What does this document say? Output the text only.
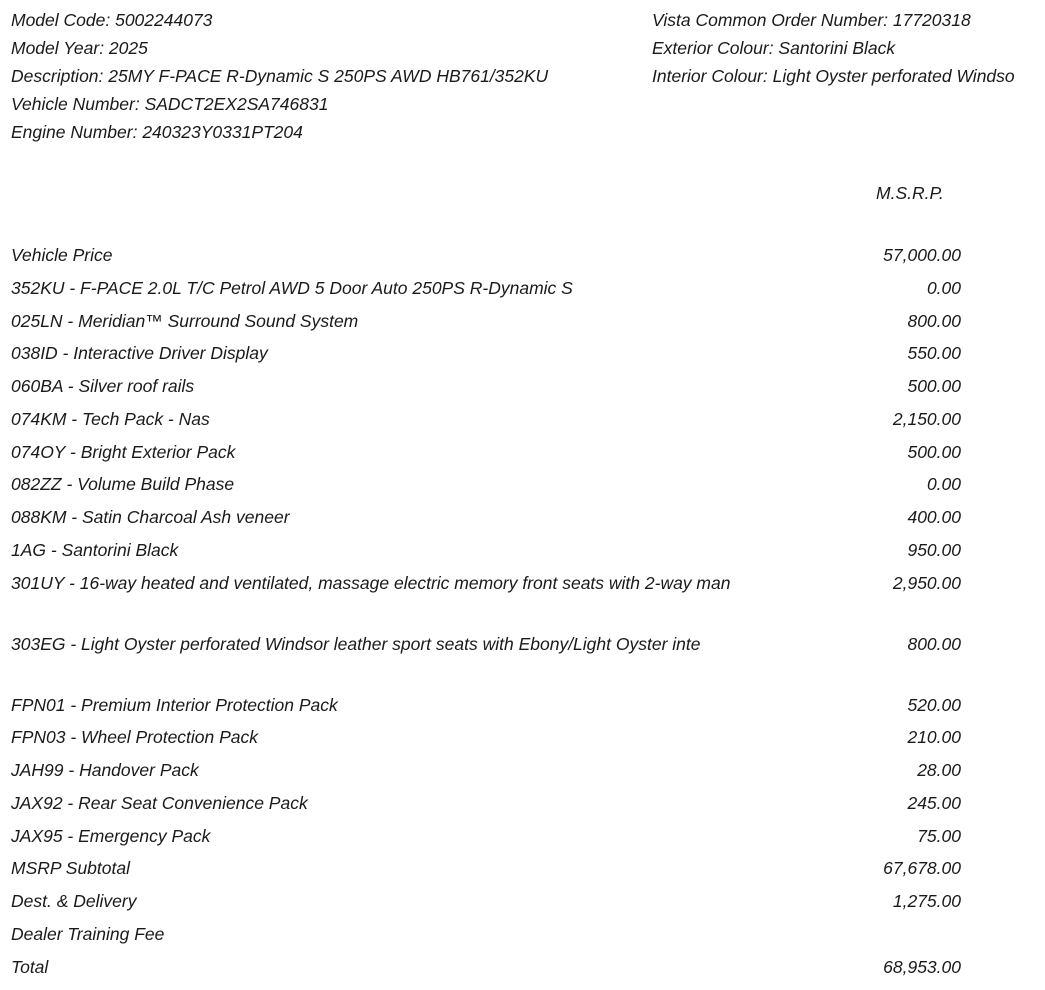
Model Code: 5002244073
Model Year: 2025
Description: 25MY F-PACE R-Dynamic S 250PS AWD HB761/352KU
Vehicle Number: SADCT2EX2SA746831
Engine Number: 240323Y0331PT204
Vista Common Order Number: 17720318
Exterior Colour: Santorini Black
Interior Colour: Light Oyster perforated Windso
M.S.R.P.
Vehicle Price	57,000.00
352KU - F-PACE 2.0L T/C Petrol AWD 5 Door Auto 250PS R-Dynamic S	0.00
025LN - Meridian™ Surround Sound System	800.00
038ID - Interactive Driver Display	550.00
060BA - Silver roof rails	500.00
074KM - Tech Pack - Nas	2,150.00
074OY - Bright Exterior Pack	500.00
082ZZ - Volume Build Phase	0.00
088KM - Satin Charcoal Ash veneer	400.00
1AG - Santorini Black	950.00
301UY - 16-way heated and ventilated, massage electric memory front seats with 2-way man	2,950.00
303EG - Light Oyster perforated Windsor leather sport seats with Ebony/Light Oyster inte	800.00
FPN01 - Premium Interior Protection Pack	520.00
FPN03 - Wheel Protection Pack	210.00
JAH99 - Handover Pack	28.00
JAX92 - Rear Seat Convenience Pack	245.00
JAX95 - Emergency Pack	75.00
MSRP Subtotal	67,678.00
Dest. & Delivery	1,275.00
Dealer Training Fee
Total	68,953.00
